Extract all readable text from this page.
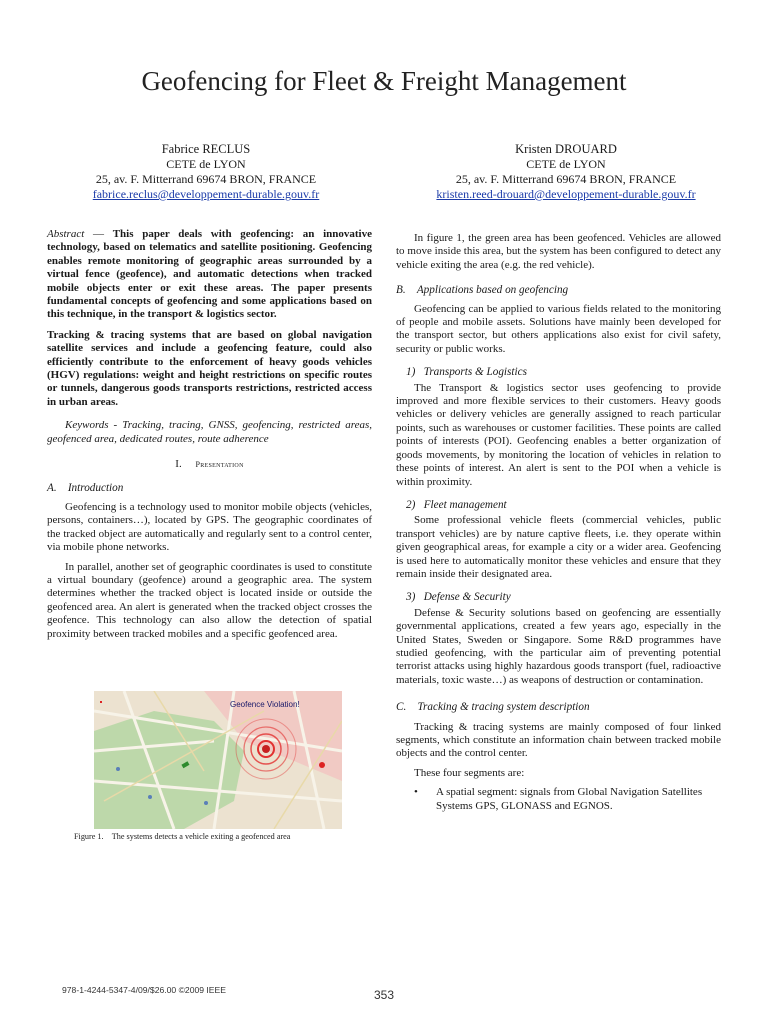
Geofencing for Fleet & Freight Management
Fabrice RECLUS
CETE de LYON
25, av. F. Mitterrand 69674 BRON, FRANCE
fabrice.reclus@developpement-durable.gouv.fr
Kristen DROUARD
CETE de LYON
25, av. F. Mitterrand 69674 BRON, FRANCE
kristen.reed-drouard@developpement-durable.gouv.fr

Abstract — This paper deals with geofencing: an innovative technology, based on telematics and satellite positioning. Geofencing enables remote monitoring of geographic areas surrounded by a virtual fence (geofence), and automatic detections when tracked mobile objects enter or exit these areas. The paper presents fundamental concepts of geofencing and some applications based on this technique, in the transport & logistics sector.

Tracking & tracing systems that are based on global navigation satellite services and include a geofencing feature, could also efficiently contribute to the enforcement of heavy goods vehicles (HGV) regulations: weight and height restrictions on specific routes or tunnels, dangerous goods transports restrictions, restricted access in urban areas.

Keywords - Tracking, tracing, GNSS, geofencing, restricted areas, geofenced area, dedicated routes, route adherence

I. Presentation
A. Introduction

Geofencing is a technology used to monitor mobile objects (vehicles, persons, containers…), located by GPS. The geographic coordinates of the tracked object are automatically and regularly sent to a control center, via mobile phone networks.

In parallel, another set of geographic coordinates is used to constitute a virtual boundary (geofence) around a geographic area. The system determines whether the tracked object is located inside or outside the geofenced area. An alert is generated when the tracked object crosses the geofence. This technology can also allow the detection of spatial proximity between tracked mobiles and a specific geofenced area.

Geofence Violation!
Figure 1. The systems detects a vehicle exiting a geofenced area

In figure 1, the green area has been geofenced. Vehicles are allowed to move inside this area, but the system has been configured to detect any vehicle exiting the area (e.g. the red vehicle).

B. Applications based on geofencing

Geofencing can be applied to various fields related to the monitoring of people and mobile assets. Solutions have mainly been developed for the transport sector, but others applications also exist for civil safety, security or public works.

1) Transports & Logistics

The Transport & logistics sector uses geofencing to provide improved and more flexible services to their customers. Heavy goods vehicles or delivery vehicles are generally assigned to reach particular points, such as warehouses or customer facilities. These points are called points of interests (POI). Geofencing enables a better organization of goods movements, by monitoring the location of vehicles in relation to these points of interest. An alert is sent to the POI when a vehicle is within proximity.

2) Fleet management

Some professional vehicle fleets (commercial vehicles, public transport vehicles) are by nature captive fleets, i.e. they operate within given geographical areas, for example a city or a wider area. Geofencing is used here to automatically monitor these vehicles and ensure that they remain inside their designated area.

3) Defense & Security

Defense & Security solutions based on geofencing are essentially governmental applications, created a few years ago, especially in the United States, Sweden or Singapore. Some R&D programmes have studied geofencing, with the particular aim of preventing potential terrorist attacks using highly hazardous goods transport (fuel, radioactive materials, toxic waste…) as weapons of destruction or contamination.

C. Tracking & tracing system description

Tracking & tracing systems are mainly composed of four linked segments, which constitute an information chain between tracked mobile objects and the control center.

These four segments are:

•	A spatial segment: signals from Global Navigation Satellites Systems GPS, GLONASS and EGNOS.
978-1-4244-5347-4/09/$26.00 ©2009 IEEE	353
